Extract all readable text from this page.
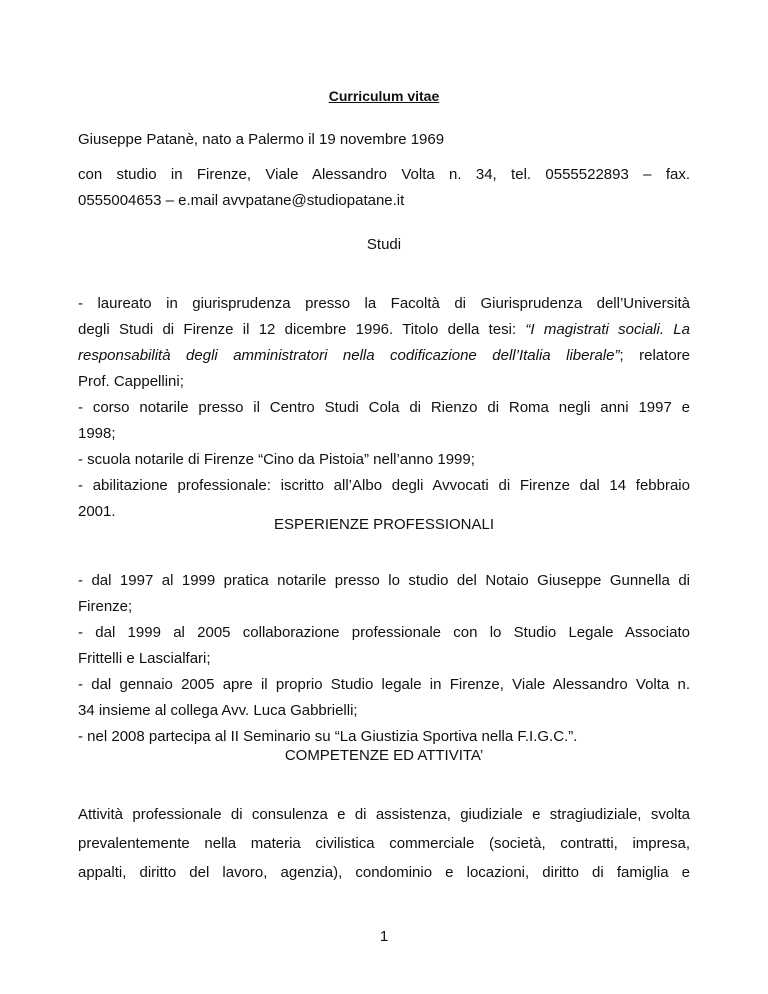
Curriculum vitae
Giuseppe Patanè, nato a Palermo il 19 novembre 1969
con studio in Firenze, Viale Alessandro Volta n. 34, tel. 0555522893 – fax.
0555004653 – e.mail avvpatane@studiopatane.it
Studi
- laureato in giurisprudenza presso la Facoltà di Giurisprudenza dell’Università
degli Studi di Firenze il 12 dicembre 1996. Titolo della tesi: “I magistrati sociali. La
responsabilità degli amministratori nella codificazione dell’Italia liberale”; relatore
Prof. Cappellini;
- corso notarile presso il Centro Studi Cola di Rienzo di Roma negli anni 1997 e
1998;
- scuola notarile di Firenze “Cino da Pistoia” nell’anno 1999;
- abilitazione professionale: iscritto all’Albo degli Avvocati di Firenze dal 14 febbraio
2001.
ESPERIENZE PROFESSIONALI
- dal 1997 al 1999 pratica notarile presso lo studio del Notaio Giuseppe Gunnella di
Firenze;
- dal 1999 al 2005 collaborazione professionale con lo Studio Legale Associato
Frittelli e Lascialfari;
- dal gennaio 2005 apre il proprio Studio legale in Firenze, Viale Alessandro Volta n.
34 insieme al collega Avv. Luca Gabbrielli;
- nel 2008 partecipa al II Seminario su “La Giustizia Sportiva nella F.I.G.C.”.
COMPETENZE ED ATTIVITA’
Attività professionale di consulenza e di assistenza, giudiziale e stragiudiziale, svolta
prevalentemente nella materia civilistica commerciale (società, contratti, impresa,
appalti, diritto del lavoro, agenzia), condominio e locazioni, diritto di famiglia e
1
